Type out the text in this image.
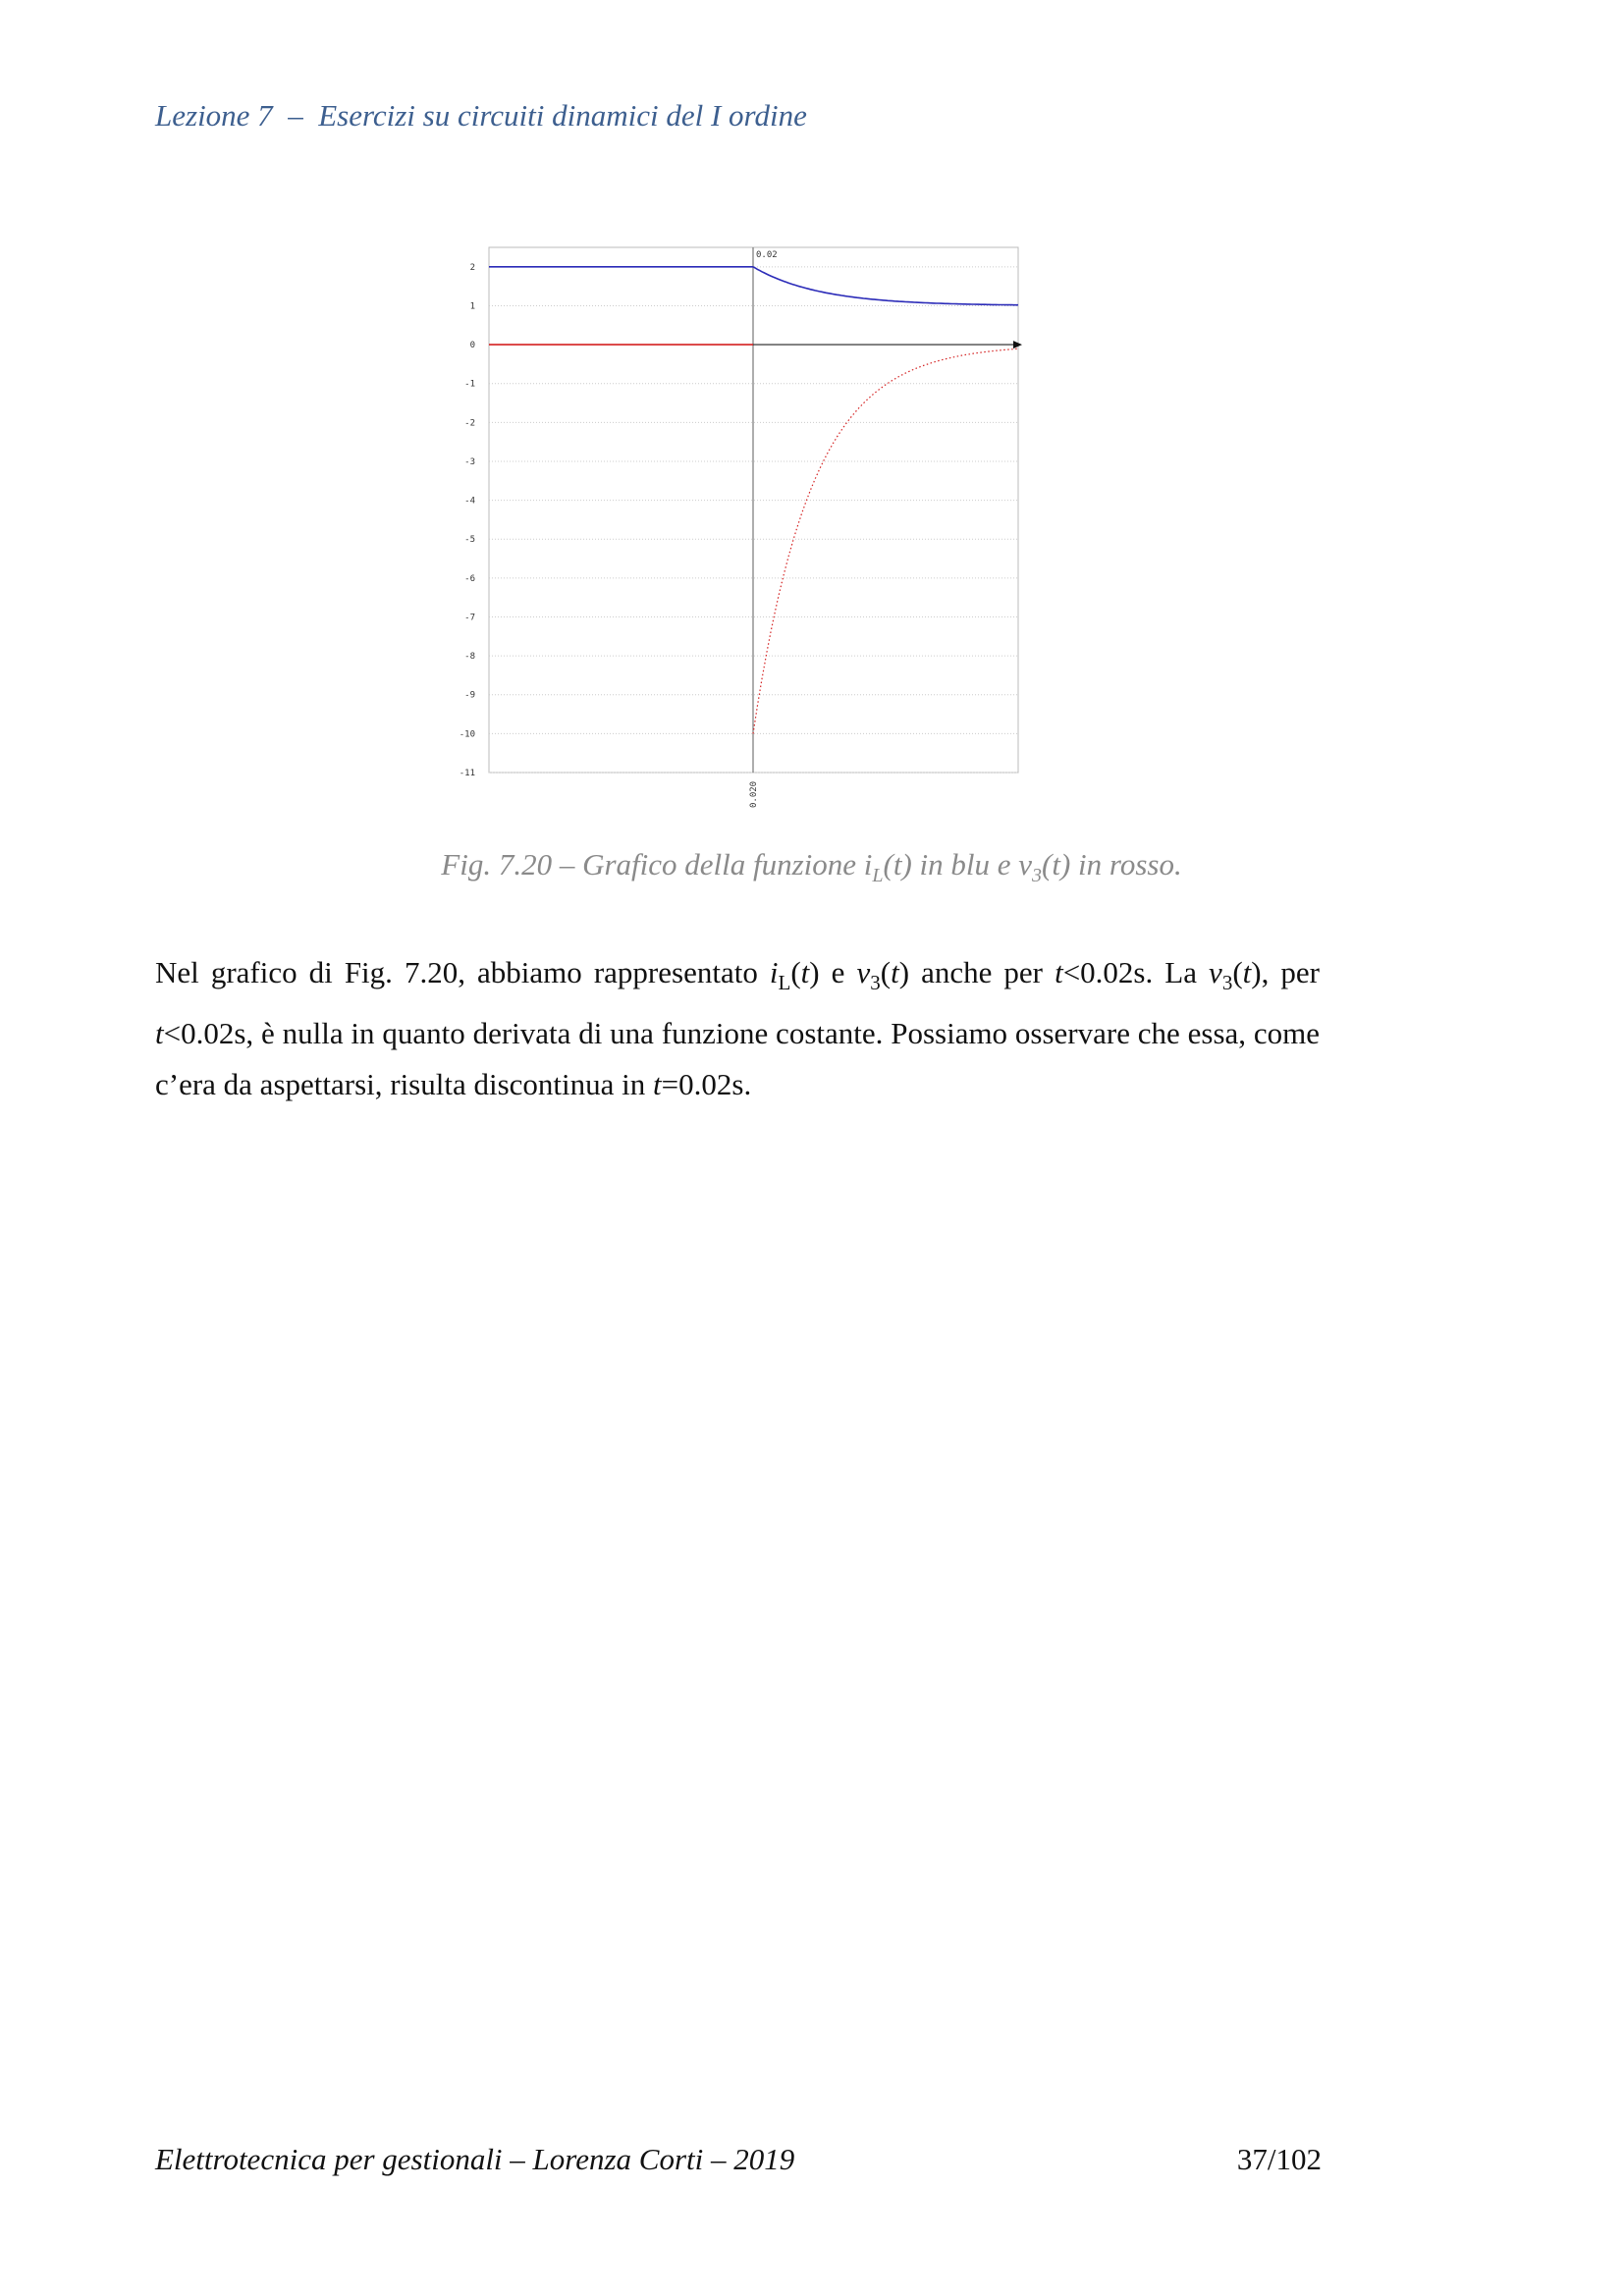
Lezione 7 – Esercizi su circuiti dinamici del I ordine
2
1
0
-1
-2
-3
-4
-5
-6
-7
-8
-9
-10
-11
0.02
0.020
Fig. 7.20 – Grafico della funzione $i_L(t)$ in blu e $v_3(t)$ in rosso.

Nel grafico di Fig. 7.20, abbiamo rappresentato $i_L(t)$ e $v_3(t)$ anche per t<0.02s. La $v_3(t)$, per t<0.02s, è nulla in quanto derivata di una funzione costante. Possiamo osservare che essa, come c’era da aspettarsi, risulta discontinua in t=0.02s.

Elettrotecnica per gestionali – Lorenza Corti – 2019	37/102
